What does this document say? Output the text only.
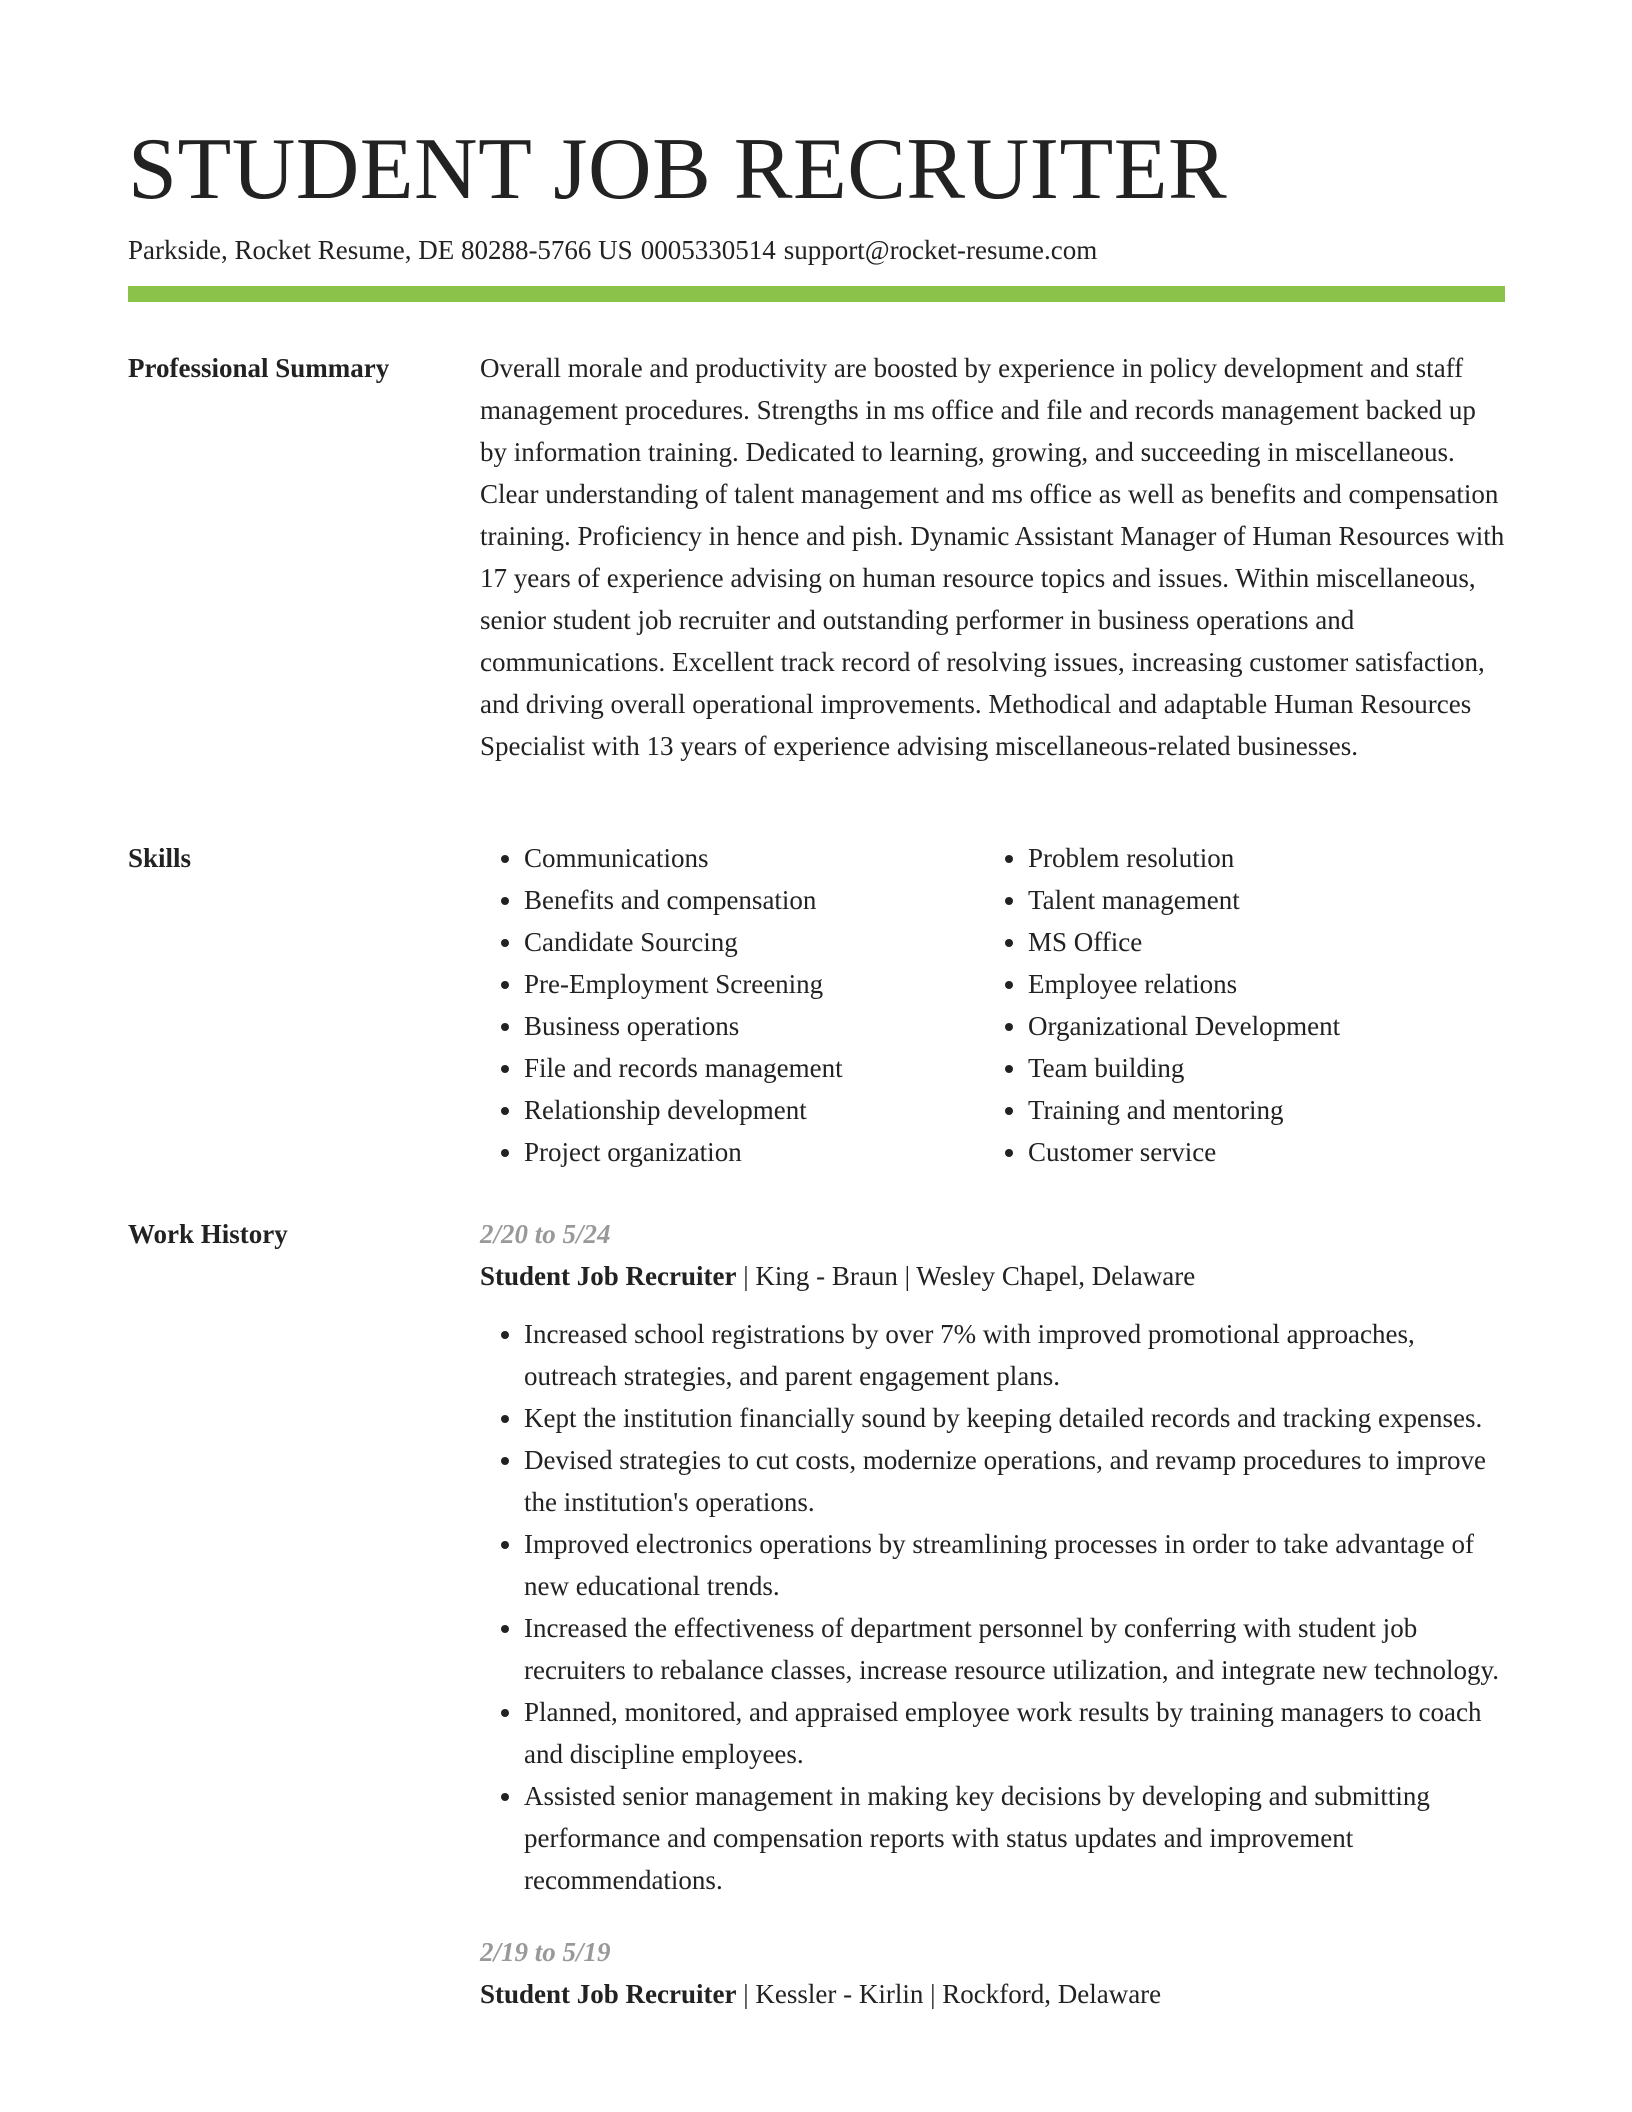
STUDENT JOB RECRUITER
Parkside, Rocket Resume, DE 80288-5766 US 0005330514 support@rocket-resume.com
Professional Summary	Overall morale and productivity are boosted by experience in policy development and staff management procedures. Strengths in ms office and file and records management backed up by information training. Dedicated to learning, growing, and succeeding in miscellaneous. Clear understanding of talent management and ms office as well as benefits and compensation training. Proficiency in hence and pish. Dynamic Assistant Manager of Human Resources with 17 years of experience advising on human resource topics and issues. Within miscellaneous, senior student job recruiter and outstanding performer in business operations and communications. Excellent track record of resolving issues, increasing customer satisfaction, and driving overall operational improvements. Methodical and adaptable Human Resources Specialist with 13 years of experience advising miscellaneous-related businesses.

Skills
•	Communications
• Benefits and compensation
• Candidate Sourcing
• Pre-Employment Screening
• Business operations
• File and records management
• Relationship development
• Project organization
• Problem resolution
• Talent management
• MS Office
• Employee relations
• Organizational Development
• Team building
• Training and mentoring
• Customer service
Work History	2/20 to 5/24
Student Job Recruiter | King - Braun | Wesley Chapel, Delaware
• Increased school registrations by over 7% with improved promotional approaches, outreach strategies, and parent engagement plans.
• Kept the institution financially sound by keeping detailed records and tracking expenses.
• Devised strategies to cut costs, modernize operations, and revamp procedures to improve the institution's operations.
• Improved electronics operations by streamlining processes in order to take advantage of new educational trends.
• Increased the effectiveness of department personnel by conferring with student job recruiters to rebalance classes, increase resource utilization, and integrate new technology.
• Planned, monitored, and appraised employee work results by training managers to coach and discipline employees.
• Assisted senior management in making key decisions by developing and submitting performance and compensation reports with status updates and improvement recommendations.
2/19 to 5/19
Student Job Recruiter | Kessler - Kirlin | Rockford, Delaware
